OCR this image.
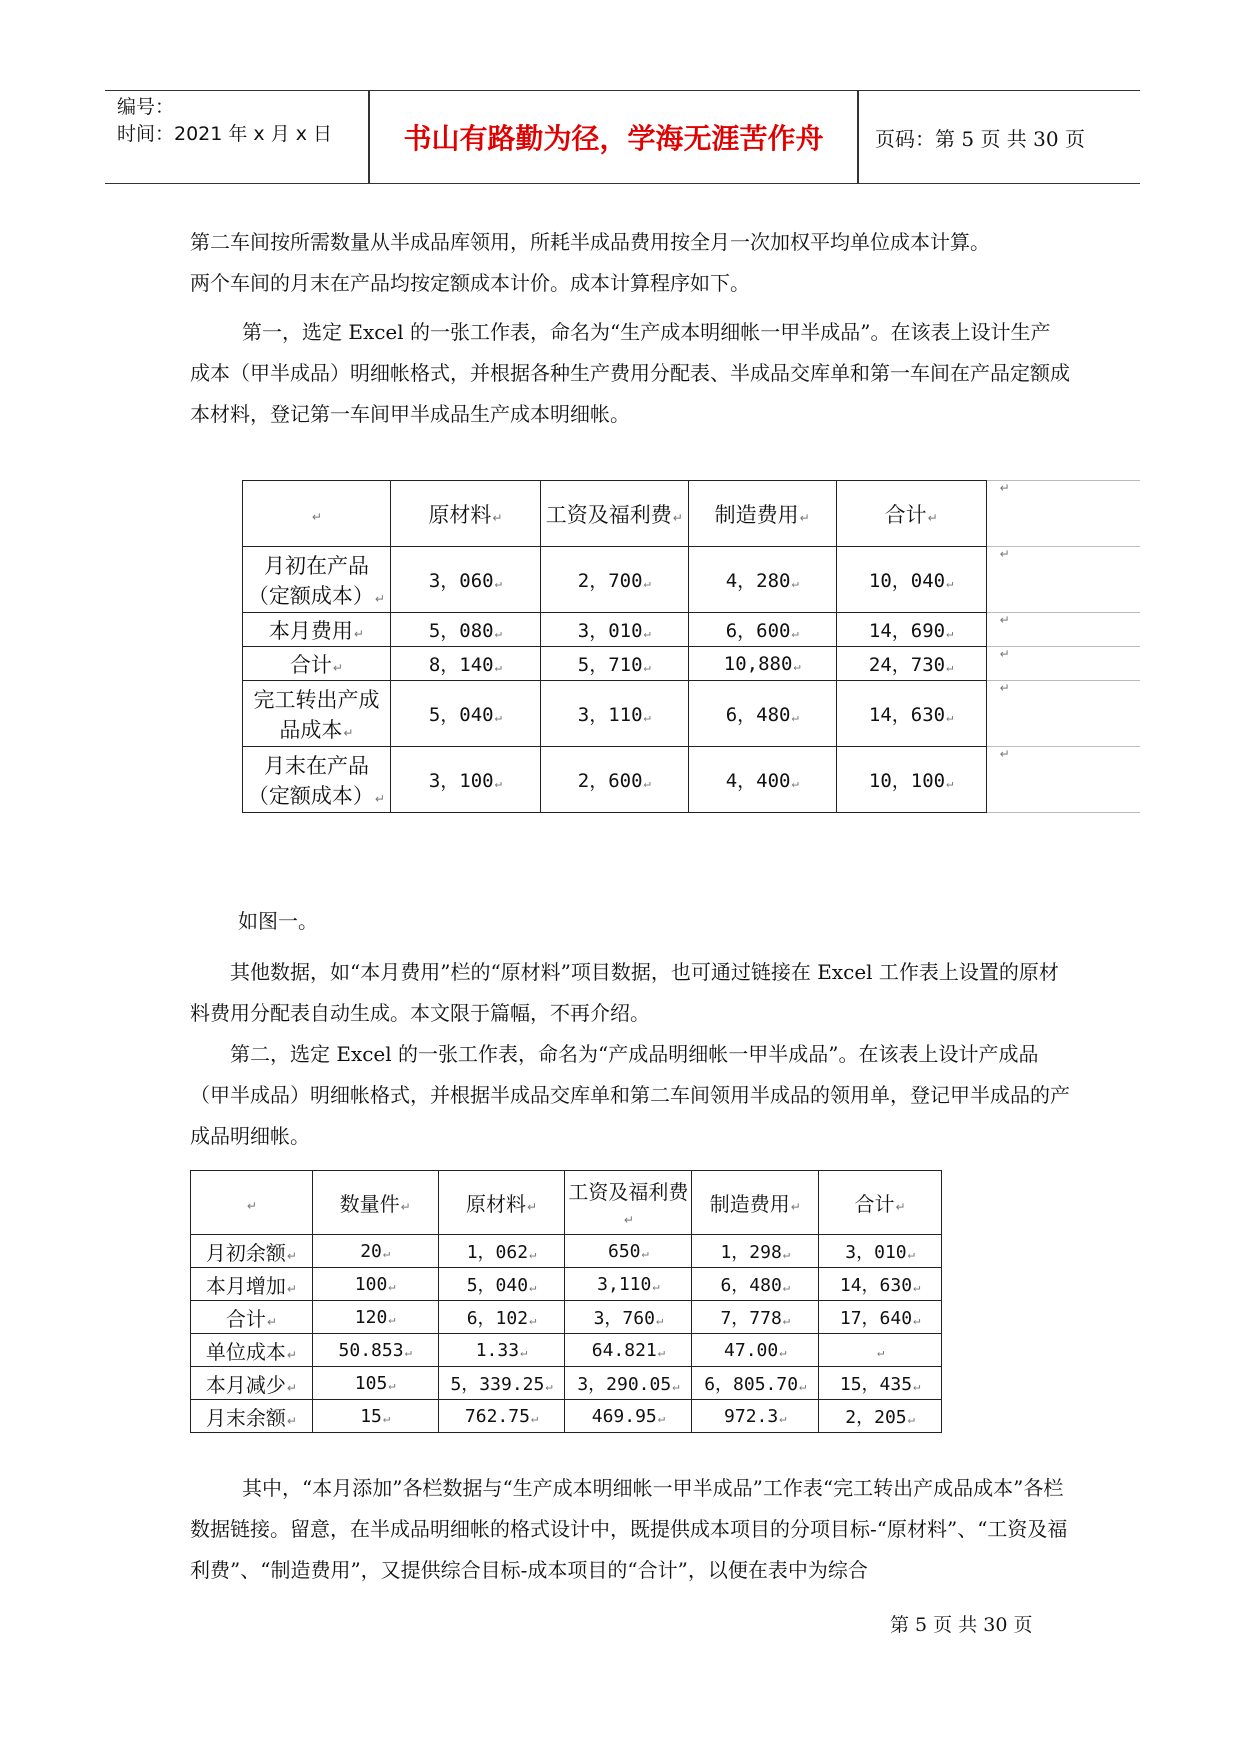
编号：
时间：2021 年 x 月 x 日	书山有路勤为径，学海无涯苦作舟	页码：第 5 页 共 30 页

第二车间按所需数量从半成品库领用，所耗半成品费用按全月一次加权平均单位成本计算。

两个车间的月末在产品均按定额成本计价。成本计算程序如下。

第一，选定 Excel 的一张工作表，命名为“生产成本明细帐一甲半成品”。在该表上设计生产成本（甲半成品）明细帐格式，并根据各种生产费用分配表、半成品交库单和第一车间在产品定额成本材料，登记第一车间甲半成品生产成本明细帐。

↵	原材料↵	工资及福利费↵	制造费用↵	合计↵	↵
月初在产品（定额成本）↵	3，060↵	2，700↵	4，280↵	10，040↵	↵
本月费用↵	5，080↵	3，010↵	6，600↵	14，690↵	↵
合计↵	8，140↵	5，710↵	10,880↵	24，730↵	↵
完工转出产成品成本↵	5，040↵	3，110↵	6，480↵	14，630↵	↵
月末在产品（定额成本）↵	3，100↵	2，600↵	4，400↵	10，100↵	↵
如图一。

其他数据，如“本月费用”栏的“原材料”项目数据，也可通过链接在 Excel 工作表上设置的原材料费用分配表自动生成。本文限于篇幅，不再介绍。

第二，选定 Excel 的一张工作表，命名为“产成品明细帐一甲半成品”。在该表上设计产成品（甲半成品）明细帐格式，并根据半成品交库单和第二车间领用半成品的领用单，登记甲半成品的产成品明细帐。

↵	数量件↵	原材料↵	工资及福利费↵	制造费用↵	合计↵
月初余额↵	20↵	1，062↵	650↵	1，298↵	3，010↵
本月增加↵	100↵	5，040↵	3,110↵	6，480↵	14，630↵
合计↵	120↵	6，102↵	3，760↵	7，778↵	17，640↵
单位成本↵	50.853↵	1.33↵	64.821↵	47.00↵	↵
本月减少↵	105↵	5，339.25↵	3，290.05↵	6，805.70↵	15，435↵
月末余额↵	15↵	762.75↵	469.95↵	972.3↵	2，205↵

其中，“本月添加”各栏数据与“生产成本明细帐一甲半成品”工作表“完工转出产成品成本”各栏数据链接。留意，在半成品明细帐的格式设计中，既提供成本项目的分项目标-“原材料”、“工资及福利费”、“制造费用”，又提供综合目标-成本项目的“合计”，以便在表中为综合

第 5 页 共 30 页
